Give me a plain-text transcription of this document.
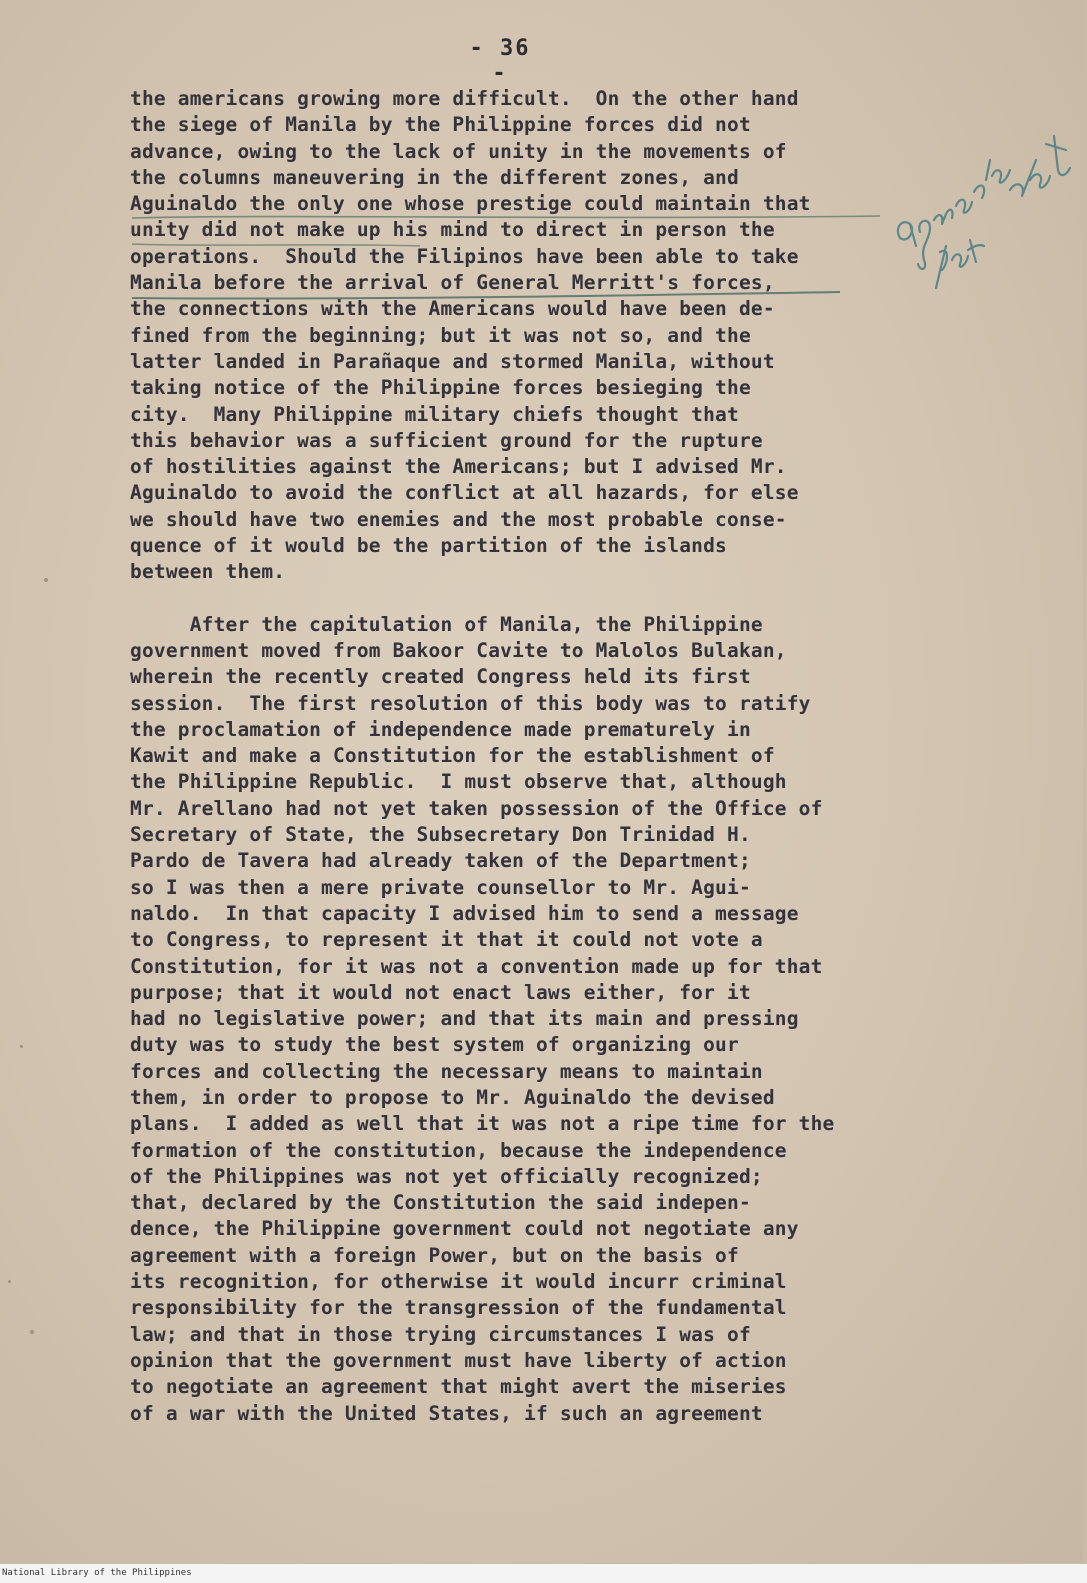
- 36 -
the americans growing more difficult.  On the other hand
the siege of Manila by the Philippine forces did not
advance, owing to the lack of unity in the movements of
the columns maneuvering in the different zones, and
Aguinaldo the only one whose prestige could maintain that
unity did not make up his mind to direct in person the
operations.  Should the Filipinos have been able to take
Manila before the arrival of General Merritt's forces,
the connections with the Americans would have been de-
fined from the beginning; but it was not so, and the
latter landed in Parañaque and stormed Manila, without
taking notice of the Philippine forces besieging the
city.  Many Philippine military chiefs thought that
this behavior was a sufficient ground for the rupture
of hostilities against the Americans; but I advised Mr.
Aguinaldo to avoid the conflict at all hazards, for else
we should have two enemies and the most probable conse-
quence of it would be the partition of the islands
between them.
After the capitulation of Manila, the Philippine
government moved from Bakoor Cavite to Malolos Bulakan,
wherein the recently created Congress held its first
session.  The first resolution of this body was to ratify
the proclamation of independence made prematurely in
Kawit and make a Constitution for the establishment of
the Philippine Republic.  I must observe that, although
Mr. Arellano had not yet taken possession of the Office of
Secretary of State, the Subsecretary Don Trinidad H.
Pardo de Tavera had already taken of the Department;
so I was then a mere private counsellor to Mr. Agui-
naldo.  In that capacity I advised him to send a message
to Congress, to represent it that it could not vote a
Constitution, for it was not a convention made up for that
purpose; that it would not enact laws either, for it
had no legislative power; and that its main and pressing
duty was to study the best system of organizing our
forces and collecting the necessary means to maintain
them, in order to propose to Mr. Aguinaldo the devised
plans.  I added as well that it was not a ripe time for the
formation of the constitution, because the independence
of the Philippines was not yet officially recognized;
that, declared by the Constitution the said indepen-
dence, the Philippine government could not negotiate any
agreement with a foreign Power, but on the basis of
its recognition, for otherwise it would incurr criminal
responsibility for the transgression of the fundamental
law; and that in those trying circumstances I was of
opinion that the government must have liberty of action
to negotiate an agreement that might avert the miseries
of a war with the United States, if such an agreement
National Library of the Philippines
